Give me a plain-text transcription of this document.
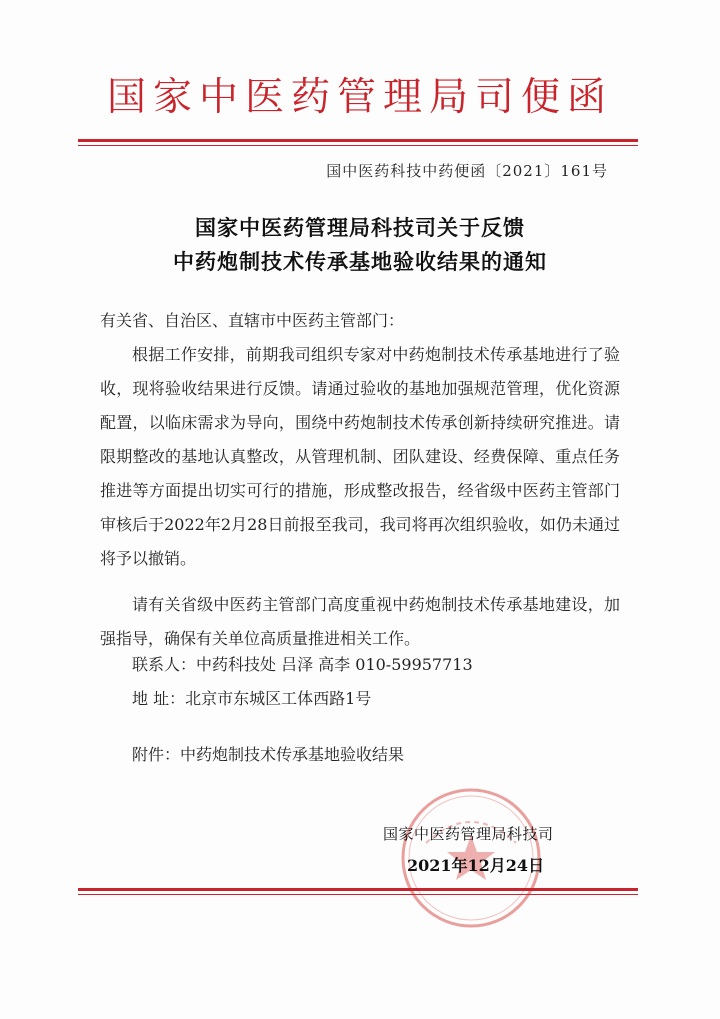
国家中医药管理局司便函
国中医药科技中药便函〔2021〕161号
国家中医药管理局科技司关于反馈
中药炮制技术传承基地验收结果的通知
有关省、自治区、直辖市中医药主管部门：
根据工作安排，前期我司组织专家对中药炮制技术传承基地进行了验收，现将验收结果进行反馈。请通过验收的基地加强规范管理，优化资源配置，以临床需求为导向，围绕中药炮制技术传承创新持续研究推进。请限期整改的基地认真整改，从管理机制、团队建设、经费保障、重点任务推进等方面提出切实可行的措施，形成整改报告，经省级中医药主管部门审核后于2022年2月28日前报至我司，我司将再次组织验收，如仍未通过将予以撤销。
请有关省级中医药主管部门高度重视中药炮制技术传承基地建设，加强指导，确保有关单位高质量推进相关工作。
联系人：中药科技处 吕泽 高李 010-59957713
地 址：北京市东城区工体西路1号
附件：中药炮制技术传承基地验收结果
国家中医药管理局科技司
2021年12月24日
